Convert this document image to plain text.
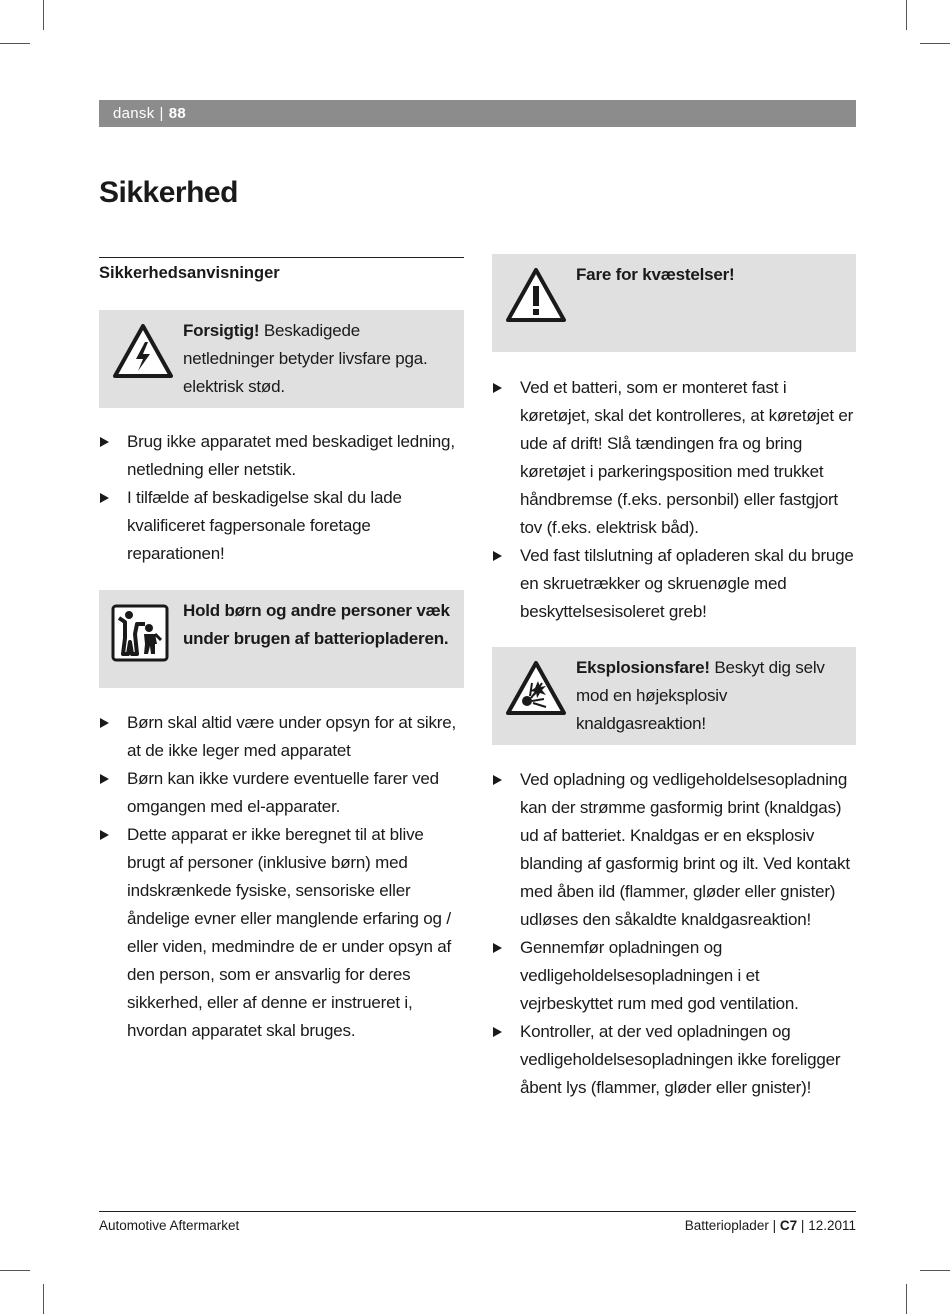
dansk | 88
Sikkerhed
Sikkerhedsanvisninger
Forsigtig! Beskadigede netledninger betyder livsfare pga. elektrisk stød.
Brug ikke apparatet med beskadiget ledning, netledning eller netstik.
I tilfælde af beskadigelse skal du lade kvalificeret fagpersonale foretage reparationen!
Hold børn og andre personer væk under brugen af batteriopladeren.
Børn skal altid være under opsyn for at sikre, at de ikke leger med apparatet
Børn kan ikke vurdere eventuelle farer ved omgangen med el-apparater.
Dette apparat er ikke beregnet til at blive brugt af personer (inklusive børn) med indskrænkede fysiske, sensoriske eller åndelige evner eller manglende erfaring og / eller viden, medmindre de er under opsyn af den person, som er ansvarlig for deres sikkerhed, eller af denne er instrueret i, hvordan apparatet skal bruges.
Fare for kvæstelser!
Ved et batteri, som er monteret fast i køretøjet, skal det kontrolleres, at køretøjet er ude af drift! Slå tændingen fra og bring køretøjet i parkeringsposition med trukket håndbremse (f.eks. personbil) eller fastgjort tov (f.eks. elektrisk båd).
Ved fast tilslutning af opladeren skal du bruge en skruetrækker og skruenøgle med beskyttelsesisoleret greb!
Eksplosionsfare! Beskyt dig selv mod en højeksplosiv knaldgasreaktion!
Ved opladning og vedligeholdelsesopladning kan der strømme gasformig brint (knaldgas) ud af batteriet. Knaldgas er en eksplosiv blanding af gasformig brint og ilt. Ved kontakt med åben ild (flammer, gløder eller gnister) udløses den såkaldte knaldgasreaktion!
Gennemfør opladningen og vedligeholdelsesopladningen i et vejrbeskyttet rum med god ventilation.
Kontroller, at der ved opladningen og vedligeholdelsesopladningen ikke foreligger åbent lys (flammer, gløder eller gnister)!
Automotive Aftermarket	Batterioplader | C7 | 12.2011
